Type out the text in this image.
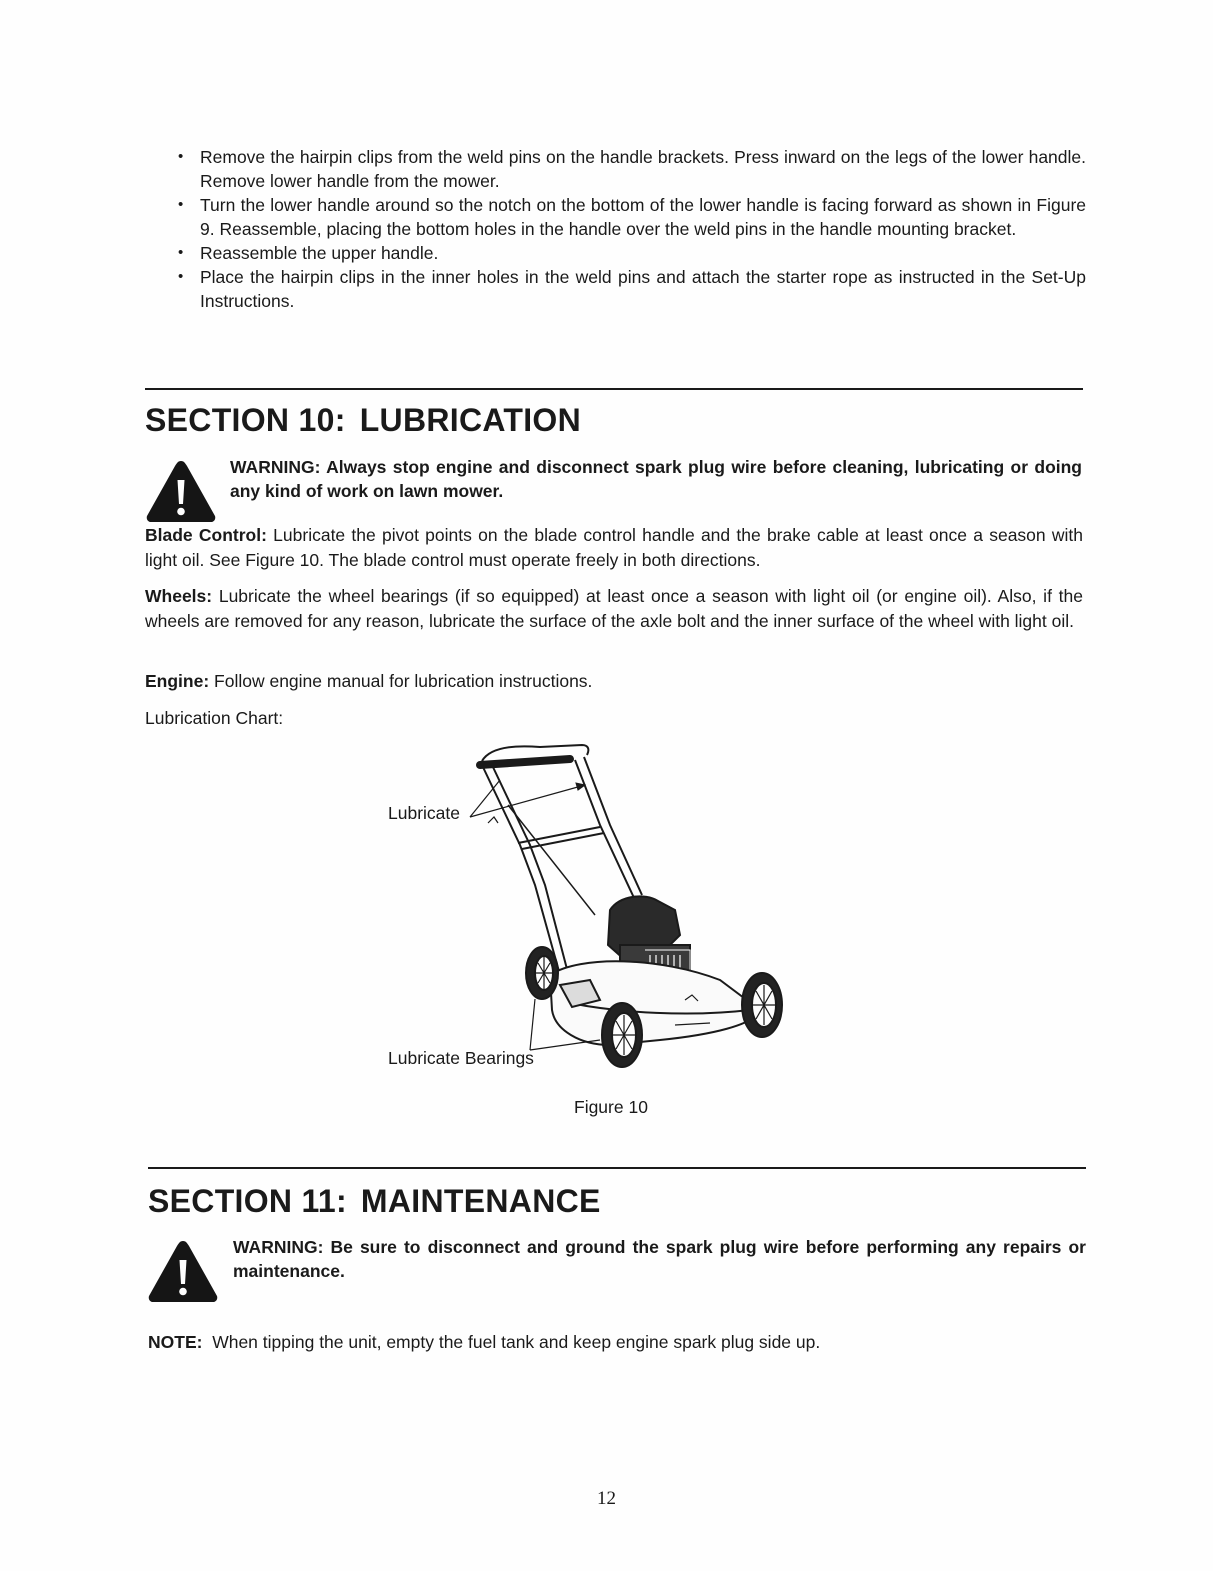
• Remove the hairpin clips from the weld pins on the handle brackets. Press inward on the legs of the lower handle. Remove lower handle from the mower.
• Turn the lower handle around so the notch on the bottom of the lower handle is facing forward as shown in Figure 9. Reassemble, placing the bottom holes in the handle over the weld pins in the handle mounting bracket.
• Reassemble the upper handle.
• Place the hairpin clips in the inner holes in the weld pins and attach the starter rope as instructed in the Set-Up Instructions.
SECTION 10: LUBRICATION

WARNING: Always stop engine and disconnect spark plug wire before cleaning, lubricating or doing any kind of work on lawn mower.

Blade Control: Lubricate the pivot points on the blade control handle and the brake cable at least once a season with light oil. See Figure 10. The blade control must operate freely in both directions.

Wheels: Lubricate the wheel bearings (if so equipped) at least once a season with light oil (or engine oil). Also, if the wheels are removed for any reason, lubricate the surface of the axle bolt and the inner surface of the wheel with light oil.

Engine: Follow engine manual for lubrication instructions.

Lubrication Chart:

Lubricate
Lubricate Bearings
Figure 10
SECTION 11: MAINTENANCE

WARNING: Be sure to disconnect and ground the spark plug wire before performing any repairs or maintenance.

NOTE: When tipping the unit, empty the fuel tank and keep engine spark plug side up.

12
